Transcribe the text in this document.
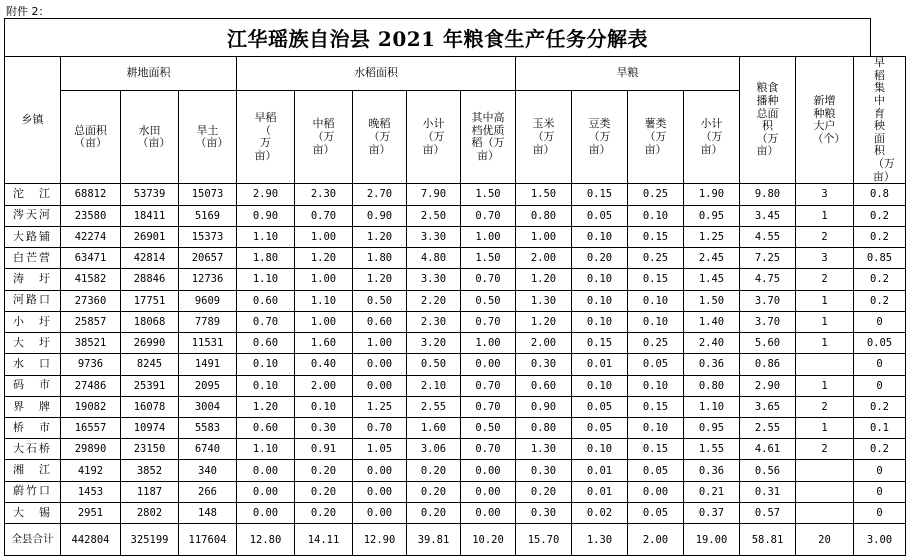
附件 2：
江华瑶族自治县 2021 年粮食生产任务分解表
乡镇	耕地面积			水稻面积					旱粮				粮食播种总面积（万亩）	新增种粮大户（个）	早稻集中育秧面积（万亩）
	总面积（亩）	水田（亩）	旱土（亩）	早稻（ 万 亩）	中稻（万亩）	晚稻（万亩）	小计（万亩）	其中高档优质稻（万亩）	玉米（万亩）	豆类（万亩）	薯类（万亩）	小计（万亩）			
沱　江	68812	53739	15073	2.90	2.30	2.70	7.90	1.50	1.50	0.15	0.25	1.90	9.80	3	0.8
涔天河	23580	18411	5169	0.90	0.70	0.90	2.50	0.70	0.80	0.05	0.10	0.95	3.45	1	0.2
大路铺	42274	26901	15373	1.10	1.00	1.20	3.30	1.00	1.00	0.10	0.15	1.25	4.55	2	0.2
白芒营	63471	42814	20657	1.80	1.20	1.80	4.80	1.50	2.00	0.20	0.25	2.45	7.25	3	0.85
涛　圩	41582	28846	12736	1.10	1.00	1.20	3.30	0.70	1.20	0.10	0.15	1.45	4.75	2	0.2
河路口	27360	17751	9609	0.60	1.10	0.50	2.20	0.50	1.30	0.10	0.10	1.50	3.70	1	0.2
小　圩	25857	18068	7789	0.70	1.00	0.60	2.30	0.70	1.20	0.10	0.10	1.40	3.70	1	0
大　圩	38521	26990	11531	0.60	1.60	1.00	3.20	1.00	2.00	0.15	0.25	2.40	5.60	1	0.05
水　口	9736	8245	1491	0.10	0.40	0.00	0.50	0.00	0.30	0.01	0.05	0.36	0.86		0
码　市	27486	25391	2095	0.10	2.00	0.00	2.10	0.70	0.60	0.10	0.10	0.80	2.90	1	0
界　牌	19082	16078	3004	1.20	0.10	1.25	2.55	0.70	0.90	0.05	0.15	1.10	3.65	2	0.2
桥　市	16557	10974	5583	0.60	0.30	0.70	1.60	0.50	0.80	0.05	0.10	0.95	2.55	1	0.1
大石桥	29890	23150	6740	1.10	0.91	1.05	3.06	0.70	1.30	0.10	0.15	1.55	4.61	2	0.2
湘　江	4192	3852	340	0.00	0.20	0.00	0.20	0.00	0.30	0.01	0.05	0.36	0.56		0
蔚竹口	1453	1187	266	0.00	0.20	0.00	0.20	0.00	0.20	0.01	0.00	0.21	0.31		0
大　锡	2951	2802	148	0.00	0.20	0.00	0.20	0.00	0.30	0.02	0.05	0.37	0.57		0
全县合计	442804	325199	117604	12.80	14.11	12.90	39.81	10.20	15.70	1.30	2.00	19.00	58.81	20	3.00
